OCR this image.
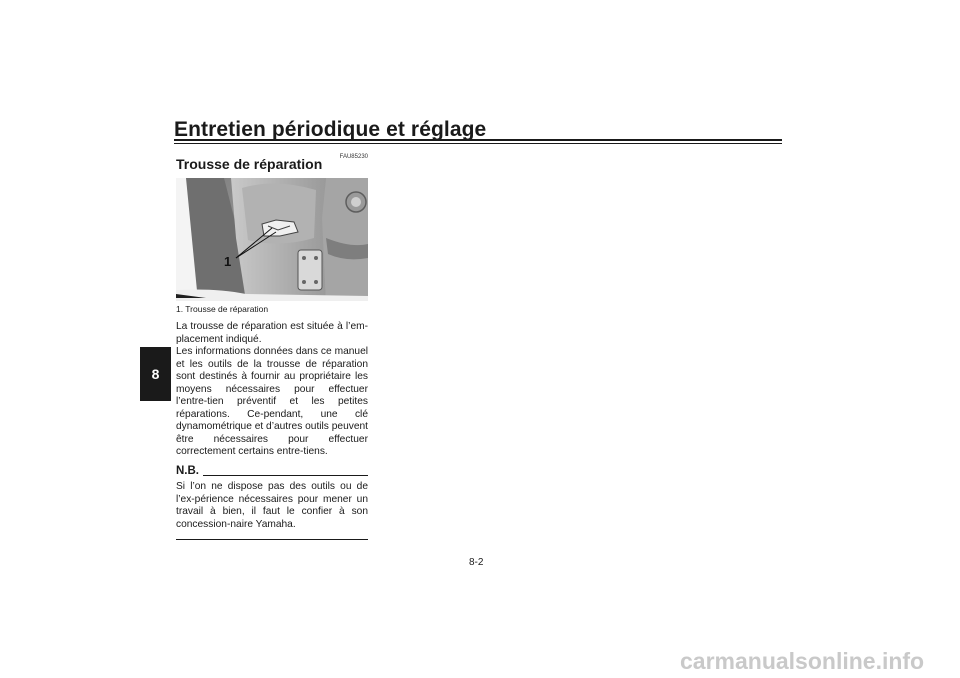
Entretien périodique et réglage
8
FAU85230
Trousse de réparation
1
1. Trousse de réparation

La trousse de réparation est située à l’em-placement indiqué.

Les informations données dans ce manuel et les outils de la trousse de réparation sont destinés à fournir au propriétaire les moyens nécessaires pour effectuer l’entre-tien préventif et les petites réparations. Ce-pendant, une clé dynamométrique et d’autres outils peuvent être nécessaires pour effectuer correctement certains entre-tiens.

N.B.

Si l’on ne dispose pas des outils ou de l’ex-périence nécessaires pour mener un travail à bien, il faut le confier à son concession-naire Yamaha.

8-2
carmanualsonline.info
